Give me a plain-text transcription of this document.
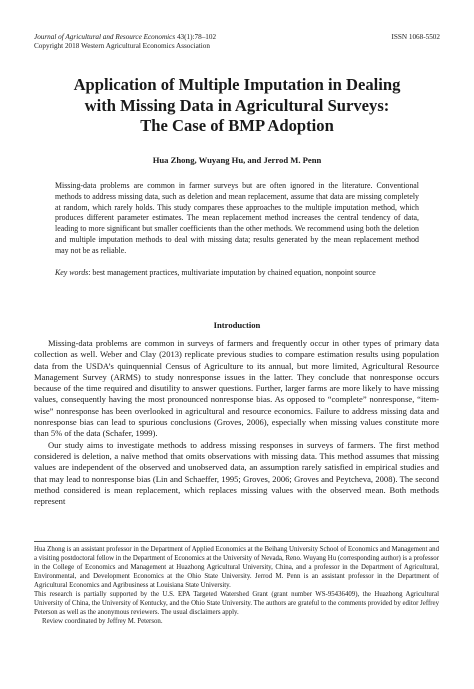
Journal of Agricultural and Resource Economics 43(1):78–102
Copyright 2018 Western Agricultural Economics Association
ISSN 1068-5502
Application of Multiple Imputation in Dealing
with Missing Data in Agricultural Surveys:
The Case of BMP Adoption
Hua Zhong, Wuyang Hu, and Jerrod M. Penn
Missing-data problems are common in farmer surveys but are often ignored in the literature. Conventional methods to address missing data, such as deletion and mean replacement, assume that data are missing completely at random, which rarely holds. This study compares these approaches to the multiple imputation method, which produces different parameter estimates. The mean replacement method increases the central tendency of data, leading to more significant but smaller coefficients than the other methods. We recommend using both the deletion and multiple imputation methods to deal with missing data; results generated by the mean replacement method may not be as reliable.
Key words: best management practices, multivariate imputation by chained equation, nonpoint source
Introduction

Missing-data problems are common in surveys of farmers and frequently occur in other types of primary data collection as well. Weber and Clay (2013) replicate previous studies to compare estimation results using population data from the USDA’s quinquennial Census of Agriculture to its annual, but more limited, Agricultural Resource Management Survey (ARMS) to study nonresponse issues in the latter. They conclude that nonresponse occurs because of the time required and disutility to answer questions. Further, larger farms are more likely to have missing values, consequently having the most pronounced nonresponse bias. As opposed to “complete” nonresponse, “item-wise” nonresponse has been overlooked in agricultural and resource economics. Failure to address missing data and nonresponse bias can lead to spurious conclusions (Groves, 2006), especially when missing values constitute more than 5% of the data (Schafer, 1999).

Our study aims to investigate methods to address missing responses in surveys of farmers. The first method considered is deletion, a naïve method that omits observations with missing data. This method assumes that missing values are independent of the observed and unobserved data, an assumption rarely satisfied in empirical studies and that may lead to nonresponse bias (Lin and Schaeffer, 1995; Groves, 2006; Groves and Peytcheva, 2008). The second method considered is mean replacement, which replaces missing values with the observed mean. Both methods represent

Hua Zhong is an assistant professor in the Department of Applied Economics at the Beihang University School of Economics and Management and a visiting postdoctoral fellow in the Department of Economics at the University of Nevada, Reno. Wuyang Hu (corresponding author) is a professor in the College of Economics and Management at Huazhong Agricultural University, China, and a professor in the Department of Agricultural, Environmental, and Development Economics at the Ohio State University. Jerrod M. Penn is an assistant professor in the Department of Agricultural Economics and Agribusiness at Louisiana State University.

This research is partially supported by the U.S. EPA Targeted Watershed Grant (grant number WS-95436409), the Huazhong Agricultural University of China, the University of Kentucky, and the Ohio State University. The authors are grateful to the comments provided by editor Jeffrey Peterson as well as the anonymous reviewers. The usual disclaimers apply.

Review coordinated by Jeffrey M. Peterson.
